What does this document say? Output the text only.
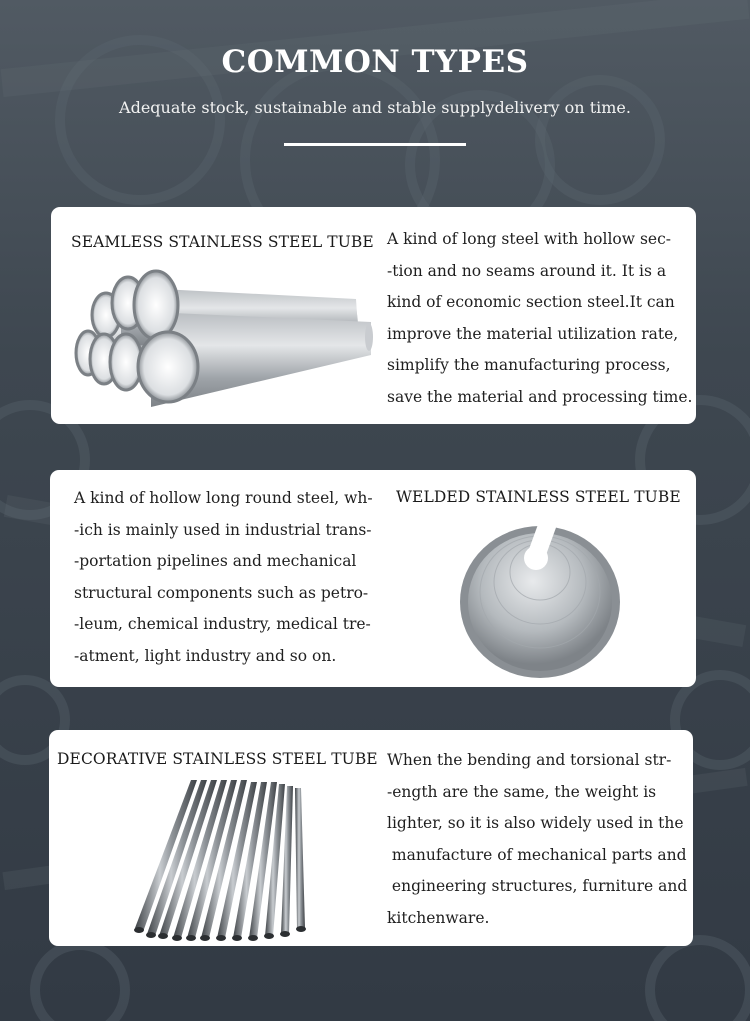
COMMON TYPES
Adequate stock, sustainable and stable supplydelivery on time.
SEAMLESS STAINLESS STEEL TUBE A kind of long steel with hollow sec-
-tion and no seams around it. It is a
kind of economic section steel.It can
improve the material utilization rate,
simplify the manufacturing process,
save the material and processing time.
A kind of hollow long round steel, wh-
-ich is mainly used in industrial trans-
-portation pipelines and mechanical
structural components such as petro-
-leum, chemical industry, medical tre-
-atment, light industry and so on.
WELDED STAINLESS STEEL TUBE
DECORATIVE STAINLESS STEEL TUBE When the bending and torsional str-
-ength are the same, the weight is
lighter, so it is also widely used in the
manufacture of mechanical parts and
engineering structures, furniture and
kitchenware.
